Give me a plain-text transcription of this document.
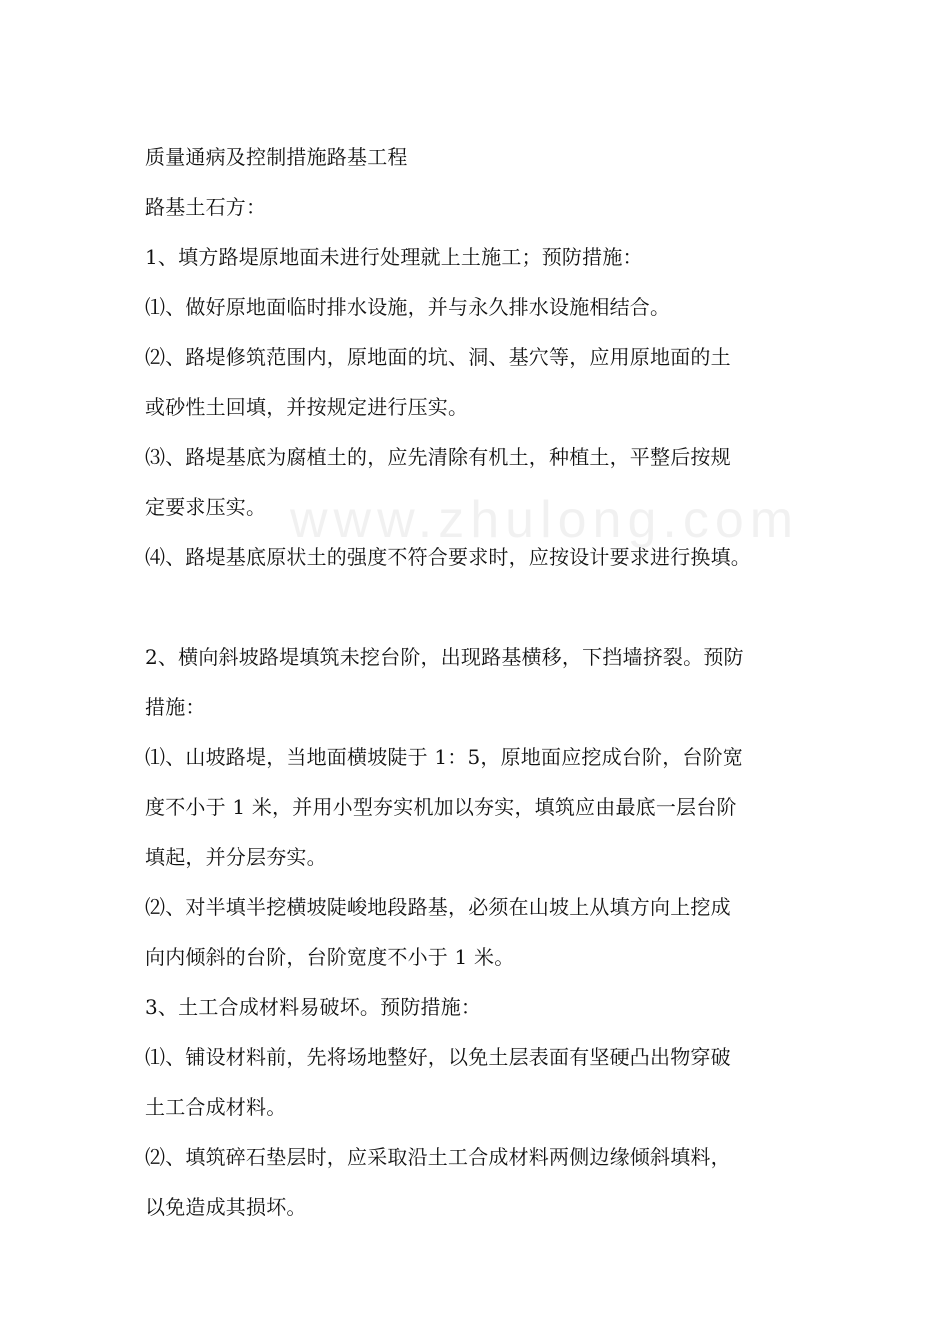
www.zhulong.com
质量通病及控制措施路基工程
路基土石方：
1、填方路堤原地面未进行处理就上土施工；预防措施：
⑴、做好原地面临时排水设施，并与永久排水设施相结合。
⑵、路堤修筑范围内，原地面的坑、洞、基穴等，应用原地面的土
或砂性土回填，并按规定进行压实。
⑶、路堤基底为腐植土的，应先清除有机土，种植土，平整后按规
定要求压实。
⑷、路堤基底原状土的强度不符合要求时，应按设计要求进行换填。
2、横向斜坡路堤填筑未挖台阶，出现路基横移，下挡墙挤裂。预防
措施：
⑴、山坡路堤，当地面横坡陡于 1：5，原地面应挖成台阶，台阶宽
度不小于 1 米，并用小型夯实机加以夯实，填筑应由最底一层台阶
填起，并分层夯实。
⑵、对半填半挖横坡陡峻地段路基，必须在山坡上从填方向上挖成
向内倾斜的台阶，台阶宽度不小于 1 米。
3、土工合成材料易破坏。预防措施：
⑴、铺设材料前，先将场地整好，以免土层表面有坚硬凸出物穿破
土工合成材料。
⑵、填筑碎石垫层时，应采取沿土工合成材料两侧边缘倾斜填料，
以免造成其损坏。
